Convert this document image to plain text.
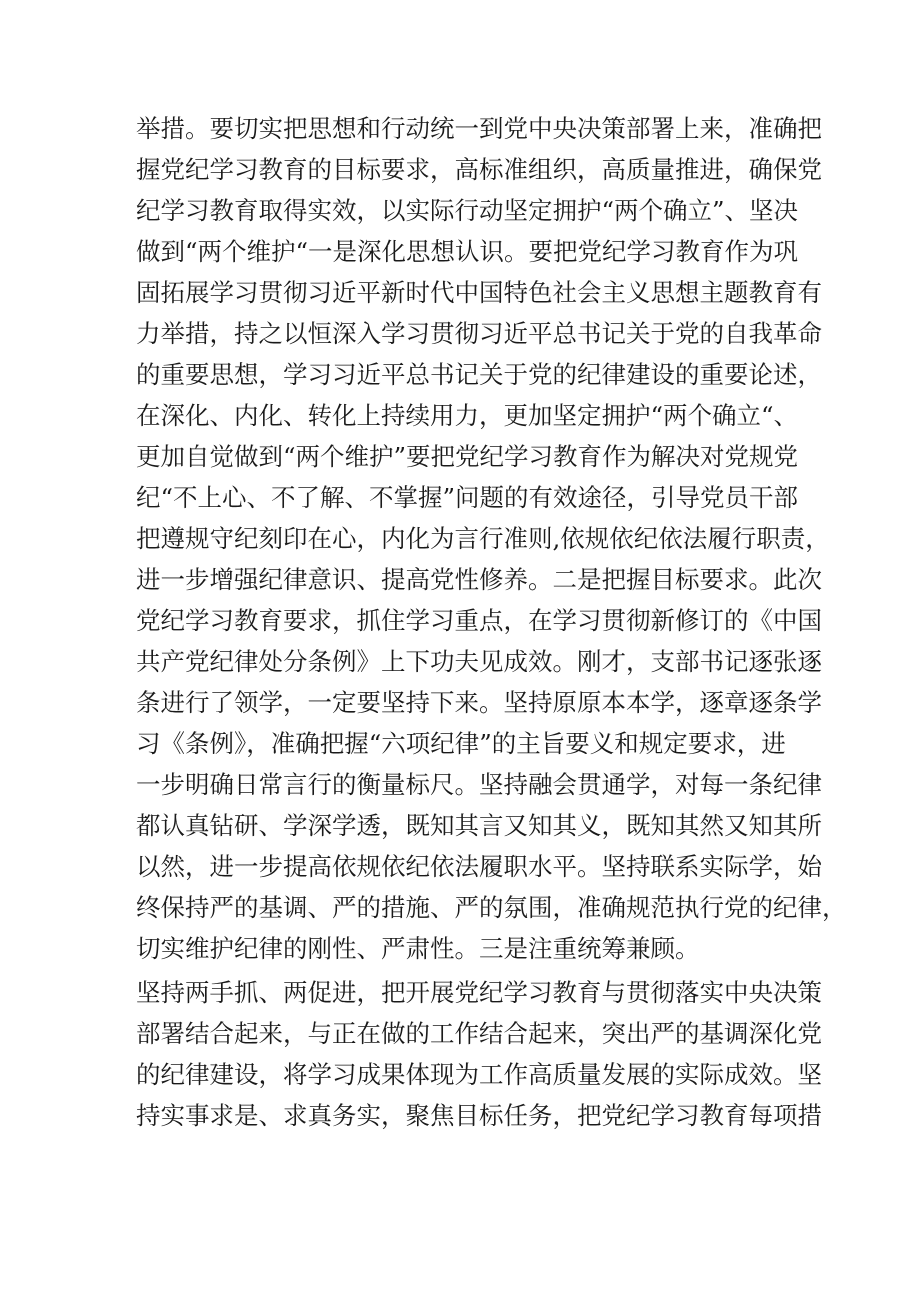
举措。要切实把思想和行动统一到党中央决策部署上来，准确把
握党纪学习教育的目标要求，高标准组织，高质量推进，确保党
纪学习教育取得实效，以实际行动坚定拥护“两个确立”、坚决
做到“两个维护“一是深化思想认识。要把党纪学习教育作为巩
固拓展学习贯彻习近平新时代中国特色社会主义思想主题教育有
力举措，持之以恒深入学习贯彻习近平总书记关于党的自我革命
的重要思想，学习习近平总书记关于党的纪律建设的重要论述，
在深化、内化、转化上持续用力，更加坚定拥护“两个确立“、
更加自觉做到“两个维护”要把党纪学习教育作为解决对党规党
纪“不上心、不了解、不掌握”问题的有效途径，引导党员干部
把遵规守纪刻印在心，内化为言行准则,依规依纪依法履行职责，
进一步增强纪律意识、提高党性修养。二是把握目标要求。此次
党纪学习教育要求，抓住学习重点，在学习贯彻新修订的《中国
共产党纪律处分条例》上下功夫见成效。刚才，支部书记逐张逐
条进行了领学，一定要坚持下来。坚持原原本本学，逐章逐条学
习《条例》，准确把握“六项纪律”的主旨要义和规定要求，进
一步明确日常言行的衡量标尺。坚持融会贯通学，对每一条纪律
都认真钻研、学深学透，既知其言又知其义，既知其然又知其所
以然，进一步提高依规依纪依法履职水平。坚持联系实际学，始
终保持严的基调、严的措施、严的氛围，准确规范执行党的纪律，
切实维护纪律的刚性、严肃性。三是注重统筹兼顾。
坚持两手抓、两促进，把开展党纪学习教育与贯彻落实中央决策
部署结合起来，与正在做的工作结合起来，突出严的基调深化党
的纪律建设，将学习成果体现为工作高质量发展的实际成效。坚
持实事求是、求真务实，聚焦目标任务，把党纪学习教育每项措
